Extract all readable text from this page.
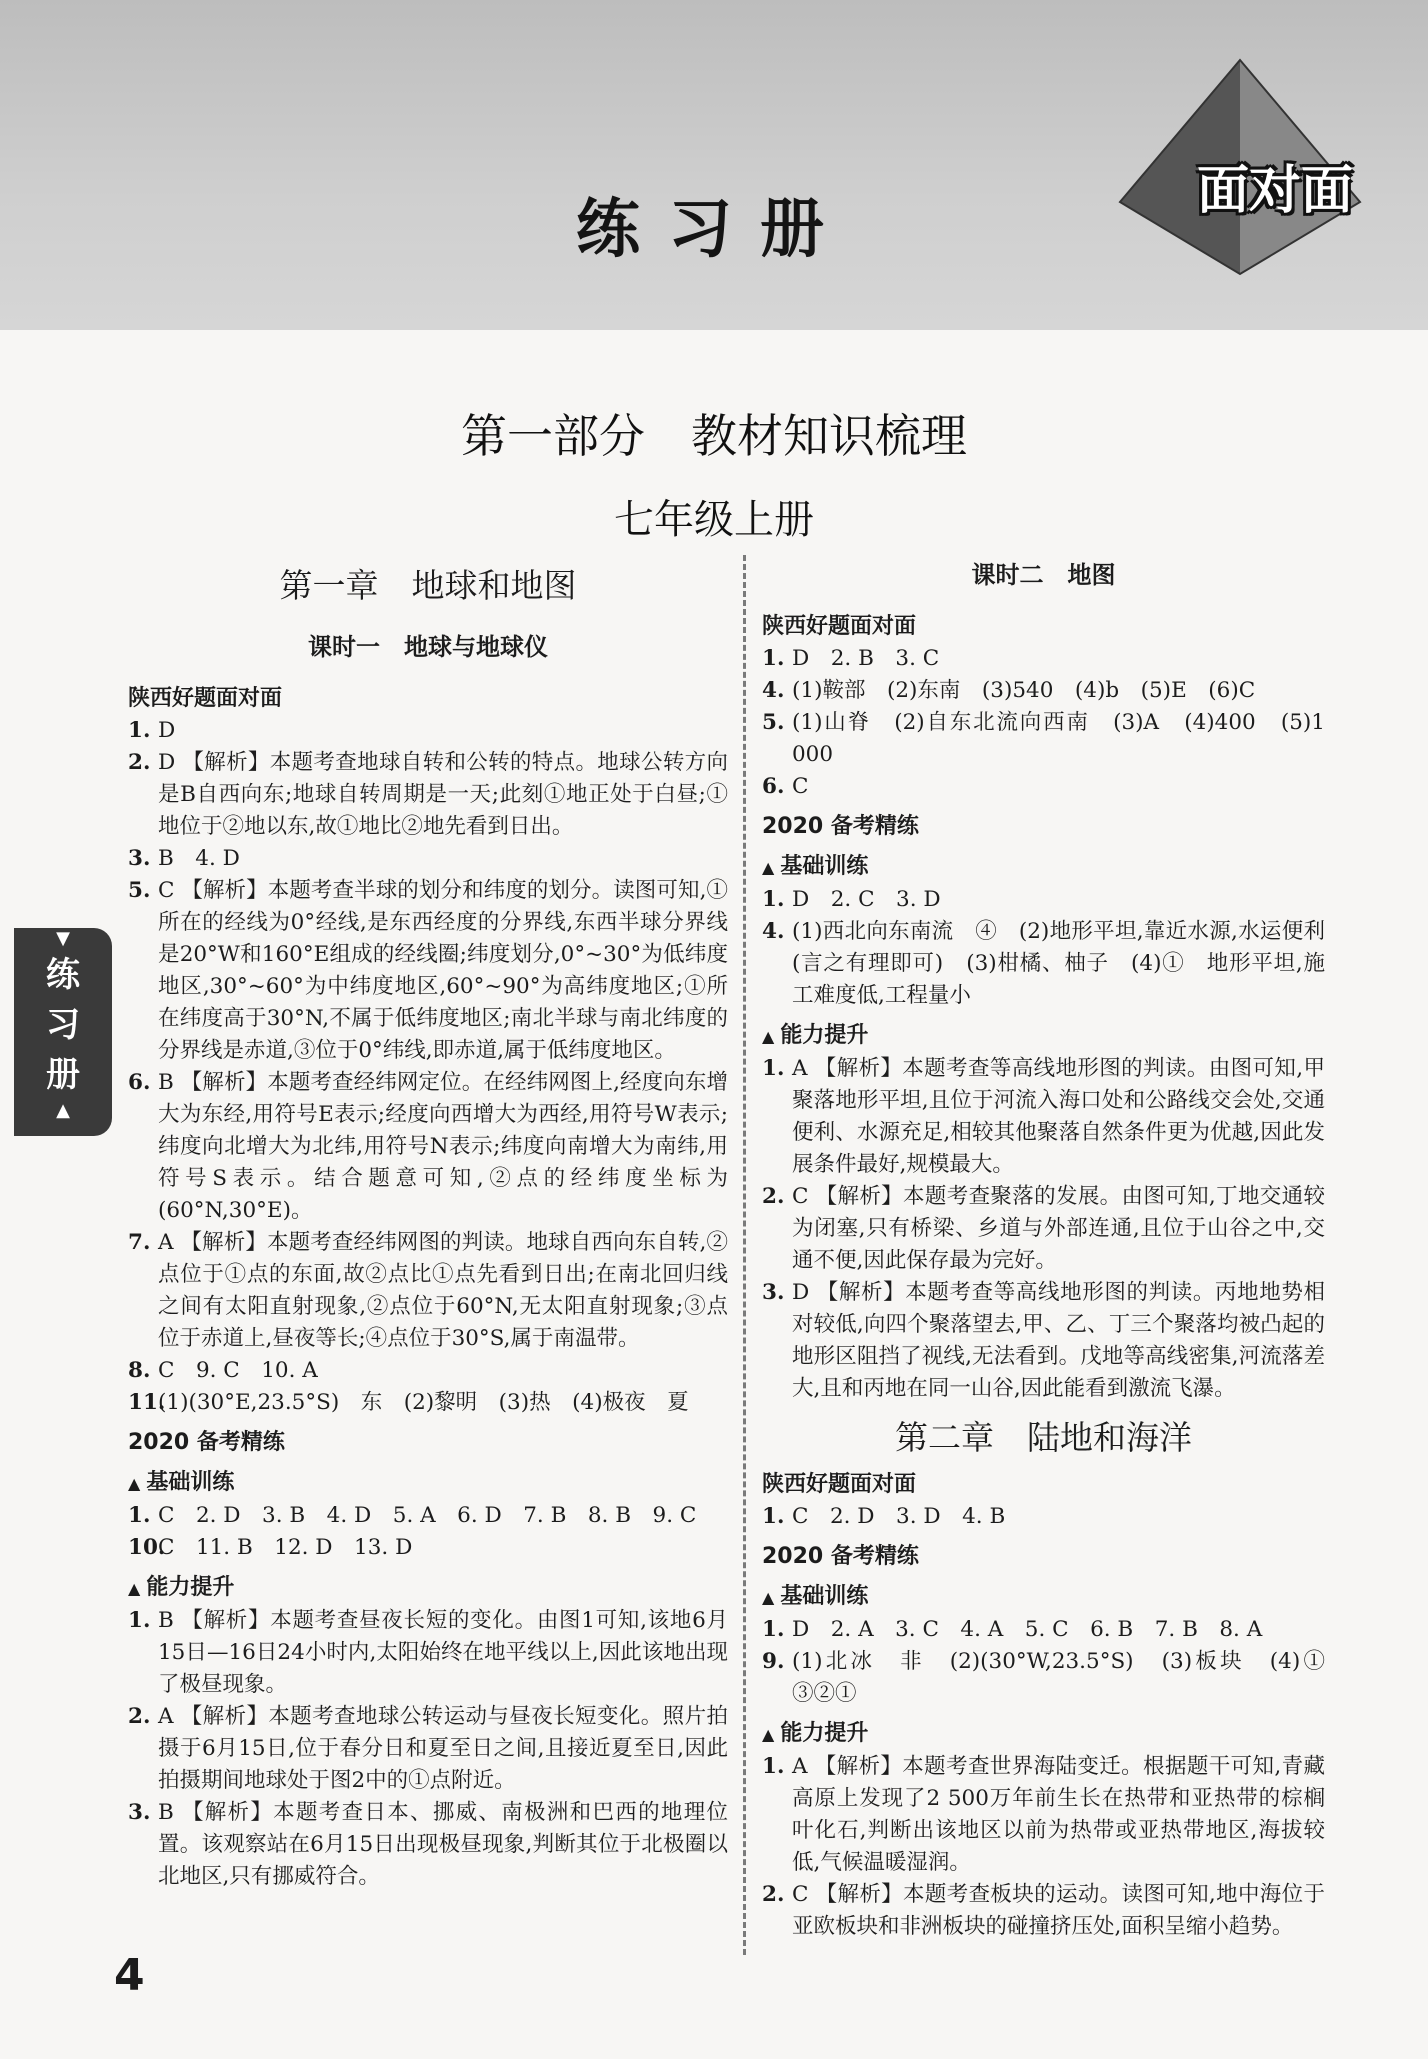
练习册
面对面
第一部分　教材知识梳理
七年级上册
▼
练
习
册
▲
第一章　地球和地图
课时一　地球与地球仪
陕西好题面对面
1. D
2. D 【解析】本题考查地球自转和公转的特点。地球公转方向是B自西向东;地球自转周期是一天;此刻①地正处于白昼;①地位于②地以东,故①地比②地先看到日出。
3. B　4. D
5. C 【解析】本题考查半球的划分和纬度的划分。读图可知,①所在的经线为0°经线,是东西经度的分界线,东西半球分界线是20°W和160°E组成的经线圈;纬度划分,0°~30°为低纬度地区,30°~60°为中纬度地区,60°~90°为高纬度地区;①所在纬度高于30°N,不属于低纬度地区;南北半球与南北纬度的分界线是赤道,③位于0°纬线,即赤道,属于低纬度地区。
6. B 【解析】本题考查经纬网定位。在经纬网图上,经度向东增大为东经,用符号E表示;经度向西增大为西经,用符号W表示;纬度向北增大为北纬,用符号N表示;纬度向南增大为南纬,用符号S表示。结合题意可知,②点的经纬度坐标为(60°N,30°E)。
7. A 【解析】本题考查经纬网图的判读。地球自西向东自转,②点位于①点的东面,故②点比①点先看到日出;在南北回归线之间有太阳直射现象,②点位于60°N,无太阳直射现象;③点位于赤道上,昼夜等长;④点位于30°S,属于南温带。
8. C　9. C　10. A
11.
(1)(30°E,23.5°S)　东　(2)黎明　(3)热　(4)极夜　夏
2020 备考精练
▲ 基础训练
1. C　2. D　3. B　4. D　5. A　6. D　7. B　8. B　9. C
10.
C　11. B　12. D　13. D
▲ 能力提升
1. B 【解析】本题考查昼夜长短的变化。由图1可知,该地6月15日—16日24小时内,太阳始终在地平线以上,因此该地出现了极昼现象。
2. A 【解析】本题考查地球公转运动与昼夜长短变化。照片拍摄于6月15日,位于春分日和夏至日之间,且接近夏至日,因此拍摄期间地球处于图2中的①点附近。
3. B 【解析】本题考查日本、挪威、南极洲和巴西的地理位置。该观察站在6月15日出现极昼现象,判断其位于北极圈以北地区,只有挪威符合。
课时二　地图
陕西好题面对面
1. D　2. B　3. C
4. (1)鞍部　(2)东南　(3)540　(4)b　(5)E　(6)C
5. (1)山脊　(2)自东北流向西南　(3)A　(4)400　(5)1 000
6. C
2020 备考精练
▲ 基础训练
1. D　2. C　3. D
4. (1)西北向东南流　④　(2)地形平坦,靠近水源,水运便利(言之有理即可)　(3)柑橘、柚子　(4)①　地形平坦,施工难度低,工程量小
▲ 能力提升
1. A 【解析】本题考查等高线地形图的判读。由图可知,甲聚落地形平坦,且位于河流入海口处和公路线交会处,交通便利、水源充足,相较其他聚落自然条件更为优越,因此发展条件最好,规模最大。
2. C 【解析】本题考查聚落的发展。由图可知,丁地交通较为闭塞,只有桥梁、乡道与外部连通,且位于山谷之中,交通不便,因此保存最为完好。
3. D 【解析】本题考查等高线地形图的判读。丙地地势相对较低,向四个聚落望去,甲、乙、丁三个聚落均被凸起的地形区阻挡了视线,无法看到。戊地等高线密集,河流落差大,且和丙地在同一山谷,因此能看到激流飞瀑。
第二章　陆地和海洋
陕西好题面对面
1. C　2. D　3. D　4. B
2020 备考精练
▲ 基础训练
1. D　2. A　3. C　4. A　5. C　6. B　7. B　8. A
9. (1)北冰　非　(2)(30°W,23.5°S)　(3)板块　(4)①　③②①
▲ 能力提升
1. A 【解析】本题考查世界海陆变迁。根据题干可知,青藏高原上发现了2 500万年前生长在热带和亚热带的棕榈叶化石,判断出该地区以前为热带或亚热带地区,海拔较低,气候温暖湿润。
2. C 【解析】本题考查板块的运动。读图可知,地中海位于亚欧板块和非洲板块的碰撞挤压处,面积呈缩小趋势。
4
